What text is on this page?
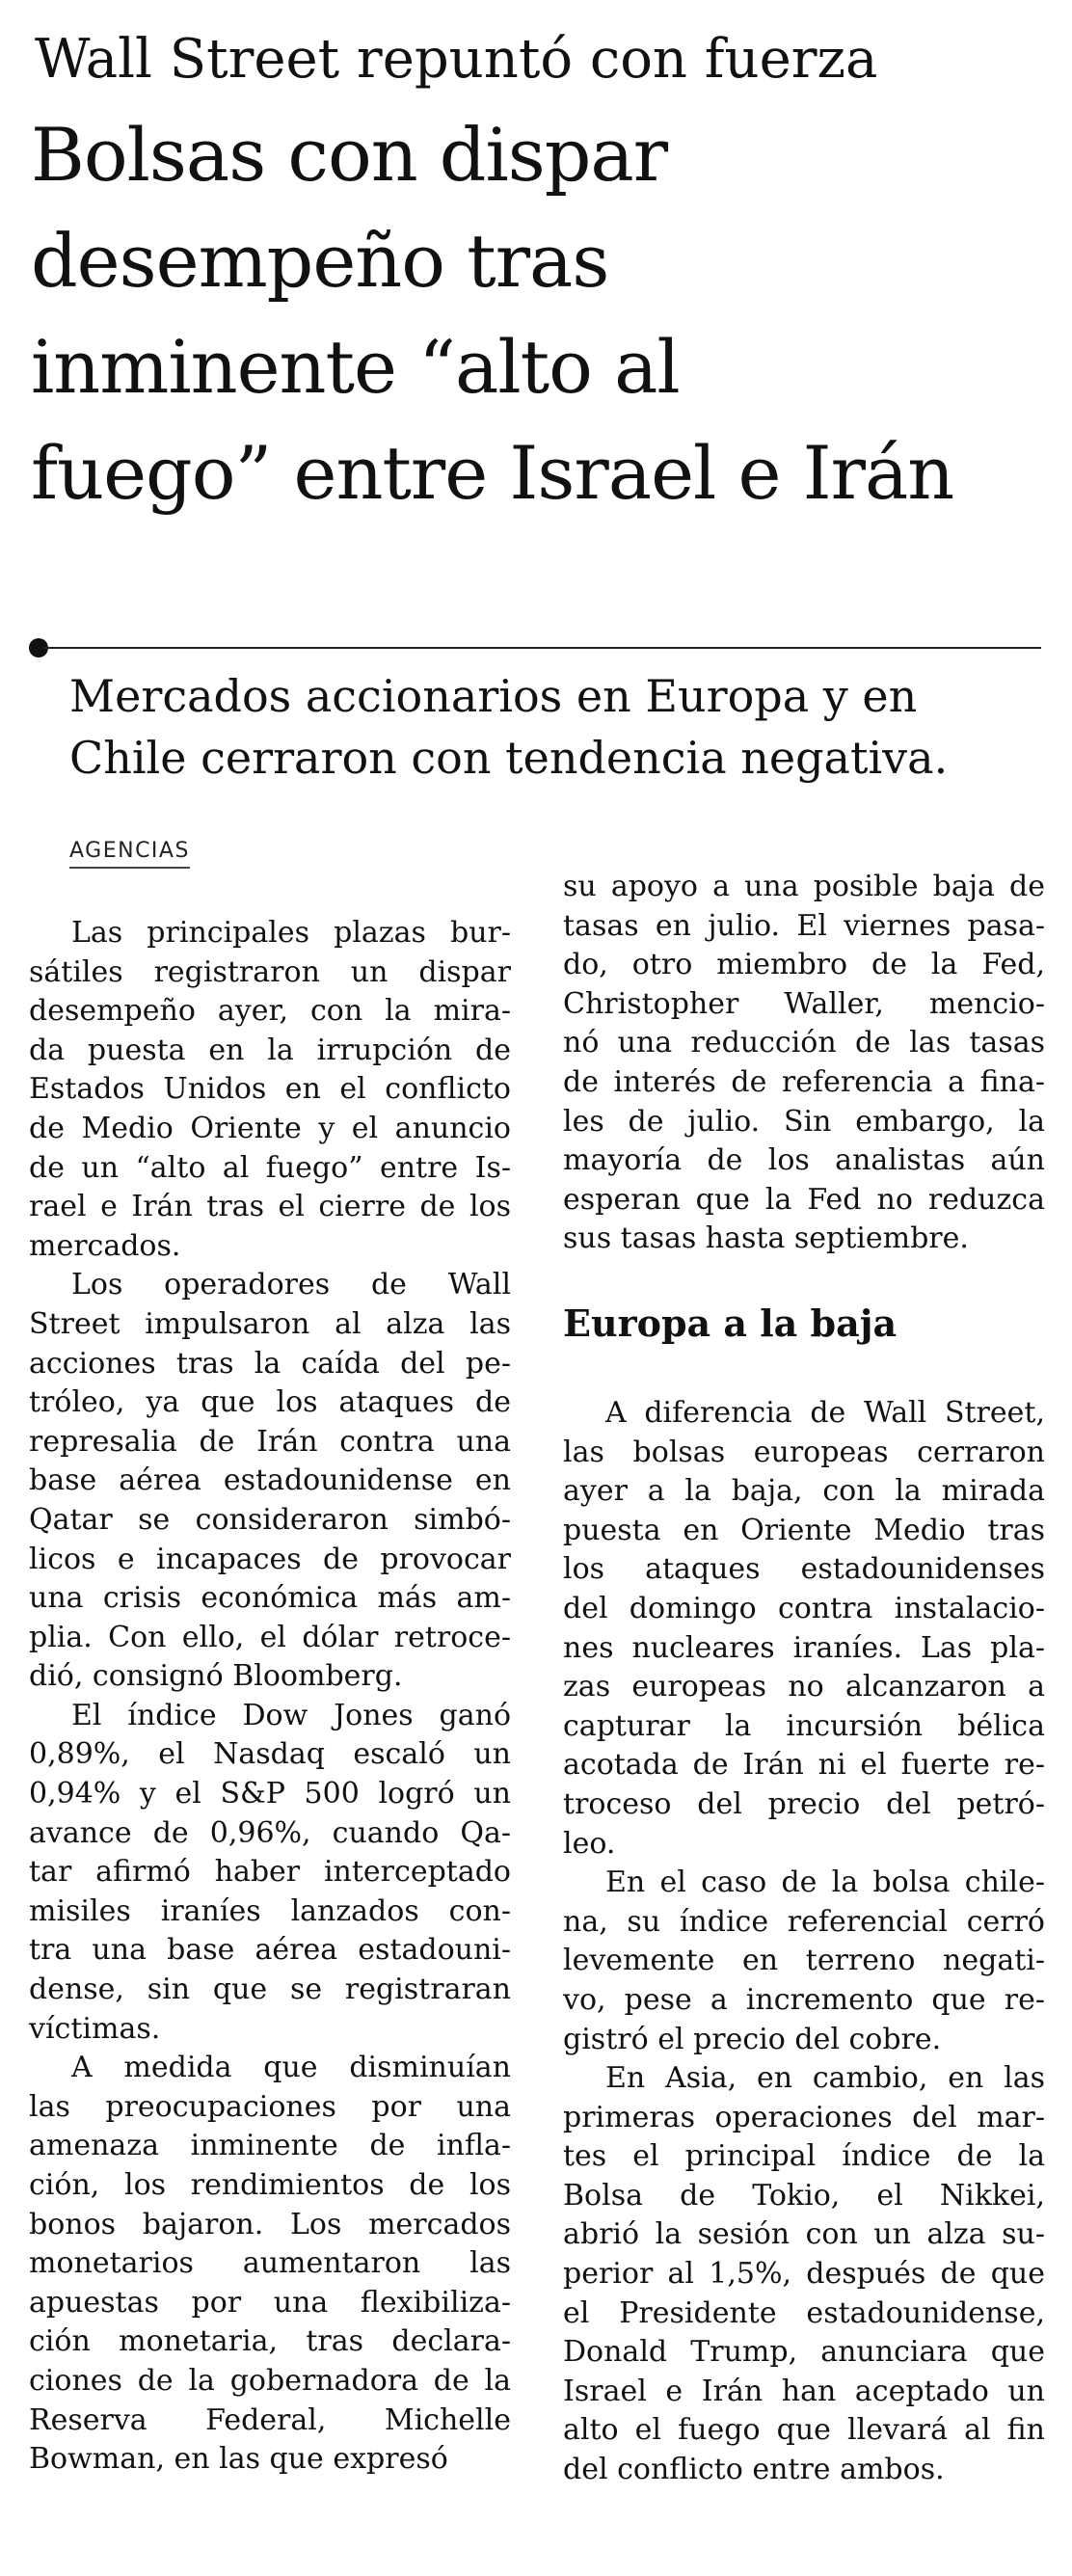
Wall Street repuntó con fuerza
Bolsas con dispar
desempeño tras
inminente “alto al
fuego” entre Israel e Irán
Mercados accionarios en Europa y en
Chile cerraron con tendencia negativa.
AGENCIAS
Las principales plazas bur-
sátiles registraron un dispar
desempeño ayer, con la mira-
da puesta en la irrupción de
Estados Unidos en el conflicto
de Medio Oriente y el anuncio
de un “alto al fuego” entre Is-
rael e Irán tras el cierre de los
mercados.
Los operadores de Wall
Street impulsaron al alza las
acciones tras la caída del pe-
tróleo, ya que los ataques de
represalia de Irán contra una
base aérea estadounidense en
Qatar se consideraron simbó-
licos e incapaces de provocar
una crisis económica más am-
plia. Con ello, el dólar retroce-
dió, consignó Bloomberg.
El índice Dow Jones ganó
0,89%, el Nasdaq escaló un
0,94% y el S&P 500 logró un
avance de 0,96%, cuando Qa-
tar afirmó haber interceptado
misiles iraníes lanzados con-
tra una base aérea estadouni-
dense, sin que se registraran
víctimas.
A medida que disminuían
las preocupaciones por una
amenaza inminente de infla-
ción, los rendimientos de los
bonos bajaron. Los mercados
monetarios aumentaron las
apuestas por una flexibiliza-
ción monetaria, tras declara-
ciones de la gobernadora de la
Reserva Federal, Michelle
Bowman, en las que expresó
su apoyo a una posible baja de
tasas en julio. El viernes pasa-
do, otro miembro de la Fed,
Christopher Waller, mencio-
nó una reducción de las tasas
de interés de referencia a fina-
les de julio. Sin embargo, la
mayoría de los analistas aún
esperan que la Fed no reduzca
sus tasas hasta septiembre.
Europa a la baja
A diferencia de Wall Street,
las bolsas europeas cerraron
ayer a la baja, con la mirada
puesta en Oriente Medio tras
los ataques estadounidenses
del domingo contra instalacio-
nes nucleares iraníes. Las pla-
zas europeas no alcanzaron a
capturar la incursión bélica
acotada de Irán ni el fuerte re-
troceso del precio del petró-
leo.
En el caso de la bolsa chile-
na, su índice referencial cerró
levemente en terreno negati-
vo, pese a incremento que re-
gistró el precio del cobre.
En Asia, en cambio, en las
primeras operaciones del mar-
tes el principal índice de la
Bolsa de Tokio, el Nikkei,
abrió la sesión con un alza su-
perior al 1,5%, después de que
el Presidente estadounidense,
Donald Trump, anunciara que
Israel e Irán han aceptado un
alto el fuego que llevará al fin
del conflicto entre ambos.
